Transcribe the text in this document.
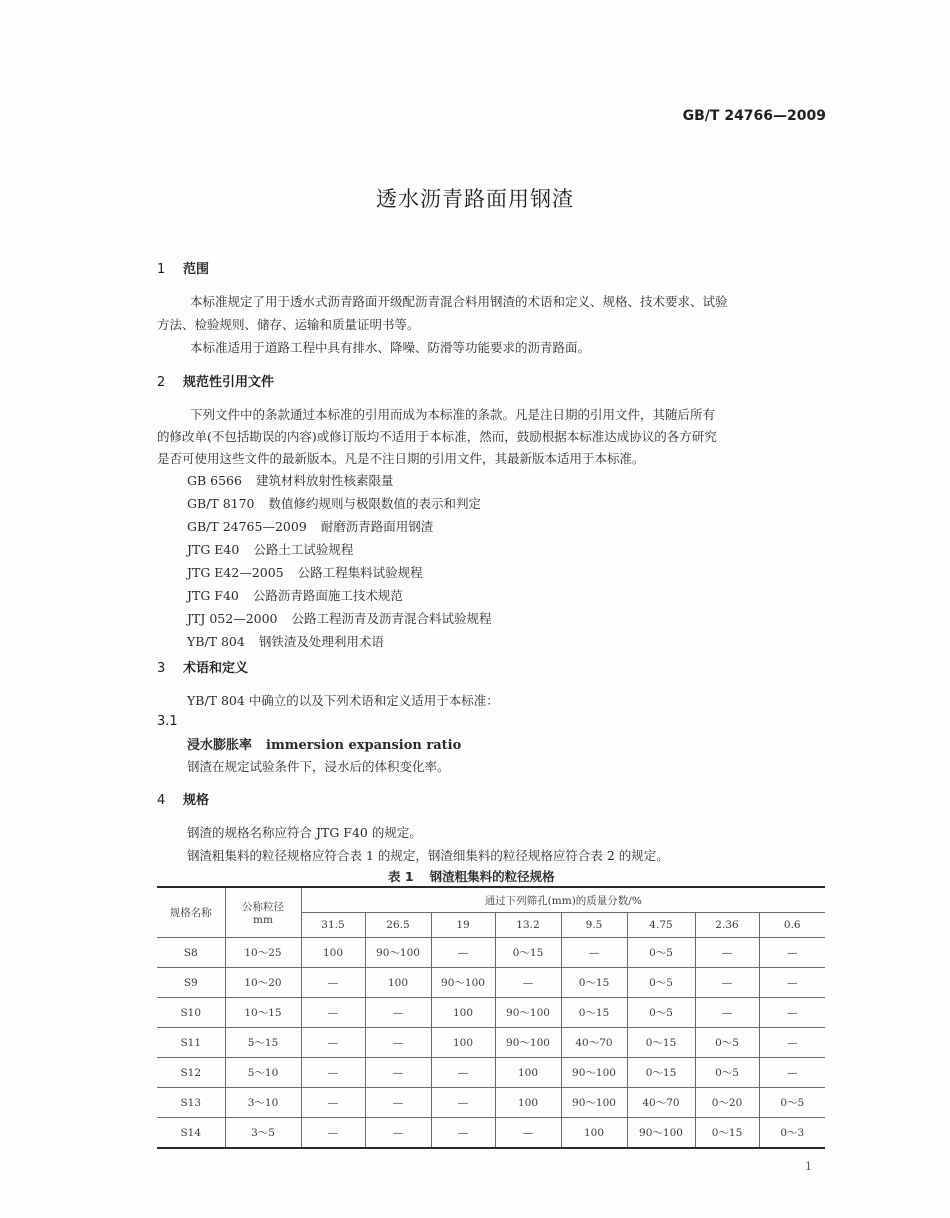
GB/T 24766—2009
透水沥青路面用钢渣
1 范围
本标准规定了用于透水式沥青路面开级配沥青混合料用钢渣的术语和定义、规格、技术要求、试验
方法、检验规则、储存、运输和质量证明书等。
本标准适用于道路工程中具有排水、降噪、防滑等功能要求的沥青路面。
2 规范性引用文件
下列文件中的条款通过本标准的引用而成为本标准的条款。凡是注日期的引用文件，其随后所有
的修改单(不包括勘误的内容)或修订版均不适用于本标准，然而，鼓励根据本标准达成协议的各方研究
是否可使用这些文件的最新版本。凡是不注日期的引用文件，其最新版本适用于本标准。
GB 6566 建筑材料放射性核素限量
GB/T 8170 数值修约规则与极限数值的表示和判定
GB/T 24765—2009 耐磨沥青路面用钢渣
JTG E40 公路土工试验规程
JTG E42—2005 公路工程集料试验规程
JTG F40 公路沥青路面施工技术规范
JTJ 052—2000 公路工程沥青及沥青混合料试验规程
YB/T 804 钢铁渣及处理利用术语
3 术语和定义
YB/T 804 中确立的以及下列术语和定义适用于本标准：
3.1
浸水膨胀率 immersion expansion ratio
钢渣在规定试验条件下，浸水后的体积变化率。
4 规格
钢渣的规格名称应符合 JTG F40 的规定。
钢渣粗集料的粒径规格应符合表 1 的规定，钢渣细集料的粒径规格应符合表 2 的规定。
表 1 钢渣粗集料的粒径规格
规格名称	公称粒径
mm	通过下列筛孔(mm)的质量分数/%							
		31.5	26.5	19	13.2	9.5	4.75	2.36	0.6
S8	10～25	100	90～100	—	0～15	—	0～5	—	—
S9	10～20	—	100	90～100	—	0～15	0～5	—	—
S10	10～15	—	—	100	90～100	0～15	0～5	—	—
S11	5～15	—	—	100	90～100	40～70	0～15	0～5	—
S12	5～10	—	—	—	100	90～100	0～15	0～5	—
S13	3～10	—	—	—	100	90～100	40～70	0～20	0～5
S14	3～5	—	—	—	—	100	90～100	0～15	0～3
1
